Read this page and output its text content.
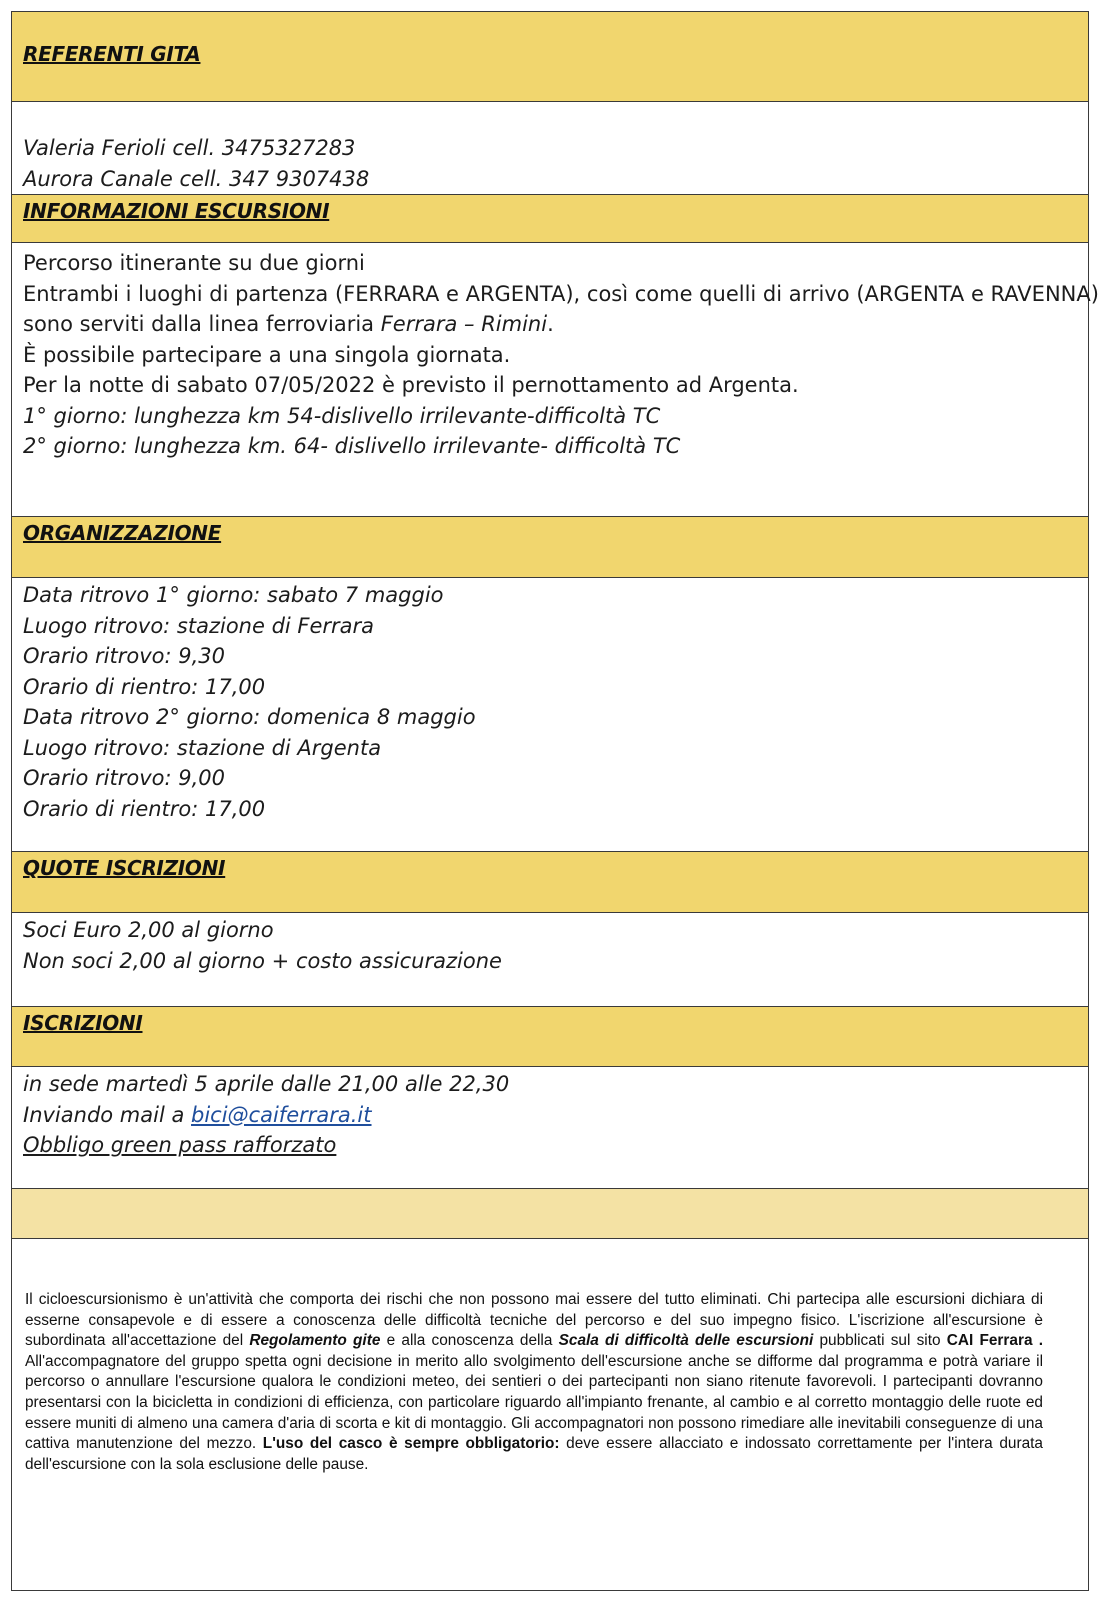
REFERENTI GITA

Valeria Ferioli cell. 3475327283

Aurora Canale cell. 347 9307438

INFORMAZIONI ESCURSIONI

Percorso itinerante su due giorni

Entrambi i luoghi di partenza (FERRARA e ARGENTA), così come quelli di arrivo (ARGENTA e RAVENNA)

sono serviti dalla linea ferroviaria Ferrara – Rimini.

È possibile partecipare a una singola giornata.

Per la notte di sabato 07/05/2022 è previsto il pernottamento ad Argenta.

1° giorno: lunghezza km 54-dislivello irrilevante-difficoltà TC

2° giorno: lunghezza km. 64- dislivello irrilevante- difficoltà TC

ORGANIZZAZIONE

Data ritrovo 1° giorno: sabato 7 maggio

Luogo ritrovo: stazione di Ferrara

Orario ritrovo: 9,30

Orario di rientro: 17,00

Data ritrovo 2° giorno: domenica 8 maggio

Luogo ritrovo: stazione di Argenta

Orario ritrovo: 9,00

Orario di rientro: 17,00

QUOTE ISCRIZIONI

Soci Euro 2,00 al giorno

Non soci 2,00 al giorno + costo assicurazione

ISCRIZIONI

in sede martedì 5 aprile dalle 21,00 alle 22,30

Inviando mail a bici@caiferrara.it

Obbligo green pass rafforzato

Il cicloescursionismo è un'attività che comporta dei rischi che non possono mai essere del tutto eliminati. Chi partecipa alle escursioni dichiara di esserne consapevole e di essere a conoscenza delle difficoltà tecniche del percorso e del suo impegno fisico. L'iscrizione all'escursione è subordinata all'accettazione del Regolamento gite e alla conoscenza della Scala di difficoltà delle escursioni pubblicati sul sito CAI Ferrara . All'accompagnatore del gruppo spetta ogni decisione in merito allo svolgimento dell'escursione anche se difforme dal programma e potrà variare il percorso o annullare l'escursione qualora le condizioni meteo, dei sentieri o dei partecipanti non siano ritenute favorevoli. I partecipanti dovranno presentarsi con la bicicletta in condizioni di efficienza, con particolare riguardo all'impianto frenante, al cambio e al corretto montaggio delle ruote ed essere muniti di almeno una camera d'aria di scorta e kit di montaggio. Gli accompagnatori non possono rimediare alle inevitabili conseguenze di una cattiva manutenzione del mezzo. L'uso del casco è sempre obbligatorio: deve essere allacciato e indossato correttamente per l'intera durata dell'escursione con la sola esclusione delle pause.
